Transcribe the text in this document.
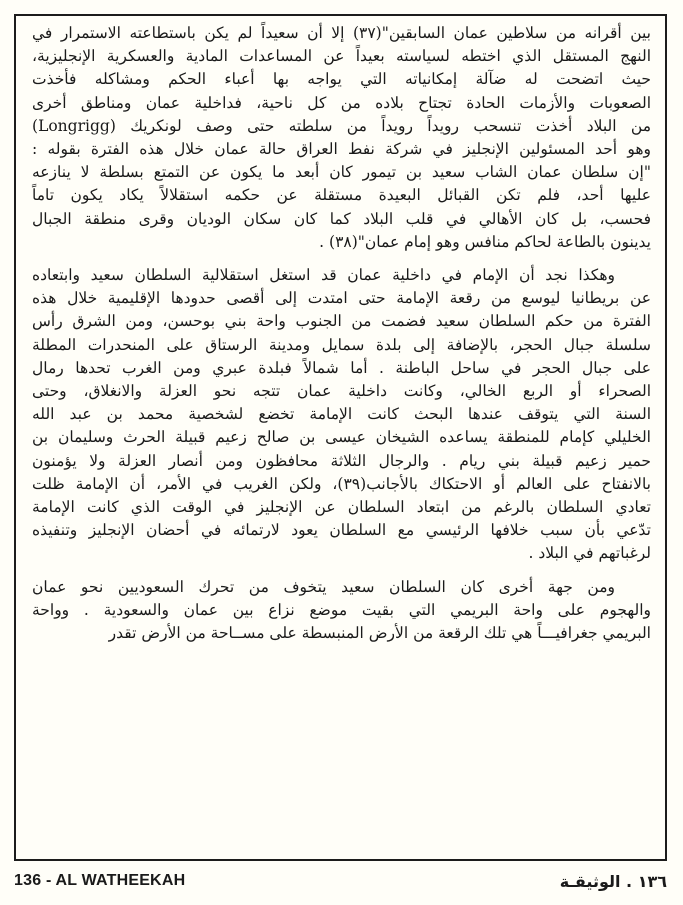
بين أقرانه من سلاطين عمان السابقين"(٣٧) إلا أن سعيداً لم يكن باستطاعته الاستمرار في
النهج المستقل الذي اختطه لسياسته بعيداً عن المساعدات المادية والعسكرية الإنجليزية،
حيث اتضحت له ضآلة إمكانياته التي يواجه بها أعباء الحكم ومشاكله فأخذت
الصعوبات والأزمات الحادة تجتاح بلاده من كل ناحية، فداخلية عمان ومناطق أخرى
من البلاد أخذت تنسحب رويداً رويداً من سلطته حتى وصف لونكريك (Longrigg)
وهو أحد المسئولين الإنجليز في شركة نفط العراق حالة عمان خلال هذه الفترة بقوله :
"إن سلطان عمان الشاب سعيد بن تيمور كان أبعد ما يكون عن التمتع بسلطة لا ينازعه
عليها أحد، فلم تكن القبائل البعيدة مستقلة عن حكمه استقلالاً يكاد يكون تاماً
فحسب، بل كان الأهالي في قلب البلاد كما كان سكان الوديان وقرى منطقة الجبال
يدينون بالطاعة لحاكم منافس وهو إمام عمان"(٣٨) .
وهكذا نجد أن الإمام في داخلية عمان قد استغل استقلالية السلطان سعيد وابتعاده
عن بريطانيا ليوسع من رقعة الإمامة حتى امتدت إلى أقصى حدودها الإقليمية خلال هذه
الفترة من حكم السلطان سعيد فضمت من الجنوب واحة بني بوحسن، ومن الشرق رأس
سلسلة جبال الحجر، بالإضافة إلى بلدة سمايل ومدينة الرستاق على المنحدرات المطلة
على جبال الحجر في ساحل الباطنة . أما شمالاً فبلدة عبري ومن الغرب تحدها رمال
الصحراء أو الربع الخالي، وكانت داخلية عمان تتجه نحو العزلة والانغلاق، وحتى
السنة التي يتوقف عندها البحث كانت الإمامة تخضع لشخصية محمد بن عبد الله
الخليلي كإمام للمنطقة يساعده الشيخان عيسى بن صالح زعيم قبيلة الحرث وسليمان بن
حمير زعيم قبيلة بني ريام . والرجال الثلاثة محافظون ومن أنصار العزلة ولا يؤمنون
بالانفتاح على العالم أو الاحتكاك بالأجانب(٣٩)، ولكن الغريب في الأمر، أن الإمامة ظلت
تعادي السلطان بالرغم من ابتعاد السلطان عن الإنجليز في الوقت الذي كانت الإمامة
تدّعي بأن سبب خلافها الرئيسي مع السلطان يعود لارتمائه في أحضان الإنجليز وتنفيذه
لرغباتهم في البلاد .
ومن جهة أخرى كان السلطان سعيد يتخوف من تحرك السعوديين نحو عمان
والهجوم على واحة البريمي التي بقيت موضع نزاع بين عمان والسعودية . وواحة
البريمي جغرافيـــاً هي تلك الرقعة من الأرض المنبسطة على مســاحة من الأرض تقدر
136 - AL WATHEEKAH	١٣٦ . الوثيقـة
